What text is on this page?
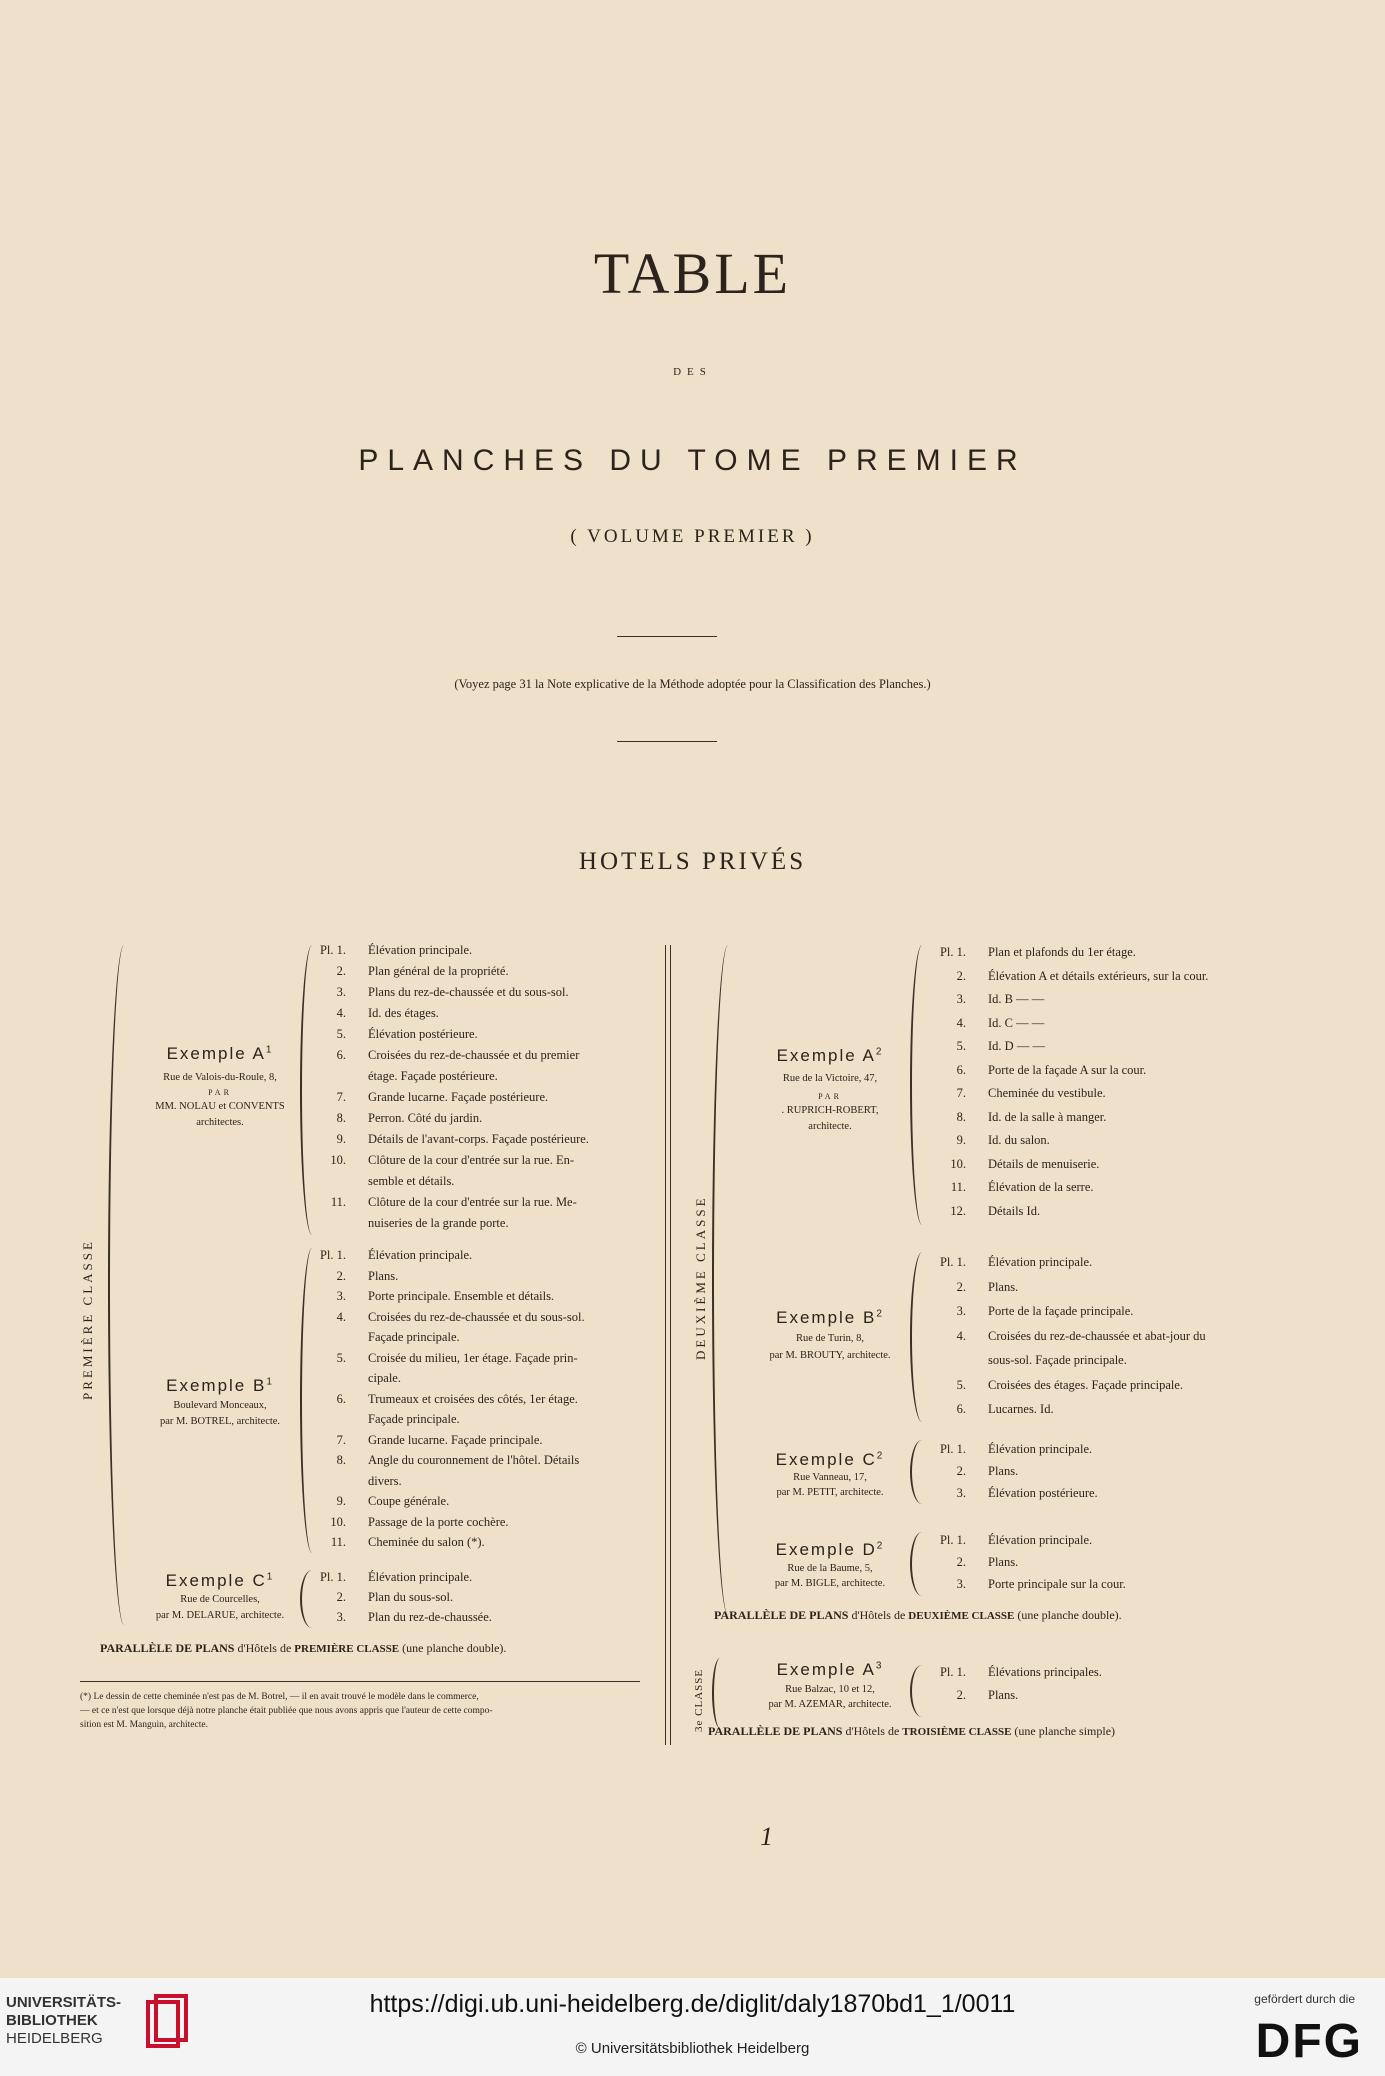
TABLE
DES
PLANCHES DU TOME PREMIER
( VOLUME PREMIER )
(Voyez page 31 la Note explicative de la Méthode adoptée pour la Classification des Planches.)
HOTELS PRIVÉS
PREMIÈRE CLASSE
Exemple $A^1$
Rue de Valois-du-Roule, 8,
PAR
MM. NOLAU et CONVENTS
architectes.
Pl. 1. Élévation principale.
2. Plan général de la propriété.
3. Plans du rez-de-chaussée et du sous-sol.
4. Id. des étages.
5. Élévation postérieure.
6. Croisées du rez-de-chaussée et du premier
étage. Façade postérieure.
7. Grande lucarne. Façade postérieure.
8. Perron. Côté du jardin.
9. Détails de l'avant-corps. Façade postérieure.
10. Clôture de la cour d'entrée sur la rue. En-
semble et détails.
11. Clôture de la cour d'entrée sur la rue. Me-
nuiseries de la grande porte.
Exemple $B^1$
Boulevard Monceaux,
par M. BOTREL, architecte.
Pl. 1. Élévation principale.
2. Plans.
3. Porte principale. Ensemble et détails.
4. Croisées du rez-de-chaussée et du sous-sol.
Façade principale.
5. Croisée du milieu, 1er étage. Façade prin-
cipale.
6. Trumeaux et croisées des côtés, 1er étage.
Façade principale.
7. Grande lucarne. Façade principale.
8. Angle du couronnement de l'hôtel. Détails
divers.
9. Coupe générale.
10. Passage de la porte cochère.
11. Cheminée du salon (*).
Exemple $C^1$
Rue de Courcelles,
par M. DELARUE, architecte.
Pl. 1. Élévation principale.
2. Plan du sous-sol.
3. Plan du rez-de-chaussée.
PARALLÈLE DE PLANS d'Hôtels de PREMIÈRE CLASSE (une planche double).
(*) Le dessin de cette cheminée n'est pas de M. Botrel, — il en avait trouvé le modèle dans le commerce,
— et ce n'est que lorsque déjà notre planche était publiée que nous avons appris que l'auteur de cette compo-
sition est M. Manguin, architecte.
DEUXIÈME CLASSE
Exemple $A^2$
Rue de la Victoire, 47,
PAR
. RUPRICH-ROBERT,
architecte.
Pl. 1. Plan et plafonds du 1er étage.
2. Élévation A et détails extérieurs, sur la cour.
3. Id. B — —
4. Id. C — —
5. Id. D — —
6. Porte de la façade A sur la cour.
7. Cheminée du vestibule.
8. Id. de la salle à manger.
9. Id. du salon.
10. Détails de menuiserie.
11. Élévation de la serre.
12. Détails Id.
Exemple $B^2$
Rue de Turin, 8,
par M. BROUTY, architecte.
Pl. 1. Élévation principale.
2. Plans.
3. Porte de la façade principale.
4. Croisées du rez-de-chaussée et abat-jour du
sous-sol. Façade principale.
5. Croisées des étages. Façade principale.
6. Lucarnes. Id.
Exemple $C^2$
Rue Vanneau, 17,
par M. PETIT, architecte.
Pl. 1. Élévation principale.
2. Plans.
3. Élévation postérieure.
Exemple $D^2$
Rue de la Baume, 5,
par M. BIGLE, architecte.
Pl. 1. Élévation principale.
2. Plans.
3. Porte principale sur la cour.
PARALLÈLE DE PLANS d'Hôtels de DEUXIÈME CLASSE (une planche double).
3e CLASSE	Exemple $A^3$
Rue Balzac, 10 et 12,
par M. AZEMAR, architecte.
Pl. 1. Élévations principales.
2. Plans.
PARALLÈLE DE PLANS d'Hôtels de TROISIÈME CLASSE (une planche simple)
1
UNIVERSITÄTS-
BIBLIOTHEK
HEIDELBERG
https://digi.ub.uni-heidelberg.de/diglit/daly1870bd1_1/0011
© Universitätsbibliothek Heidelberg
gefördert durch die
DFG
